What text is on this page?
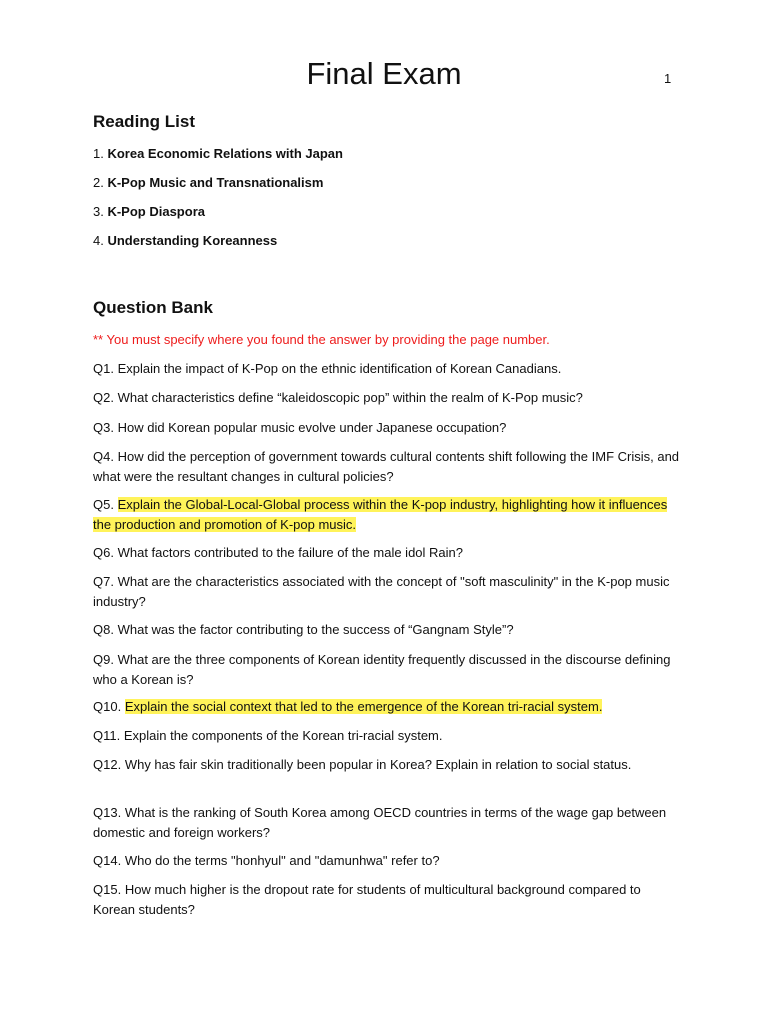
Final Exam	1
Reading List
1. Korea Economic Relations with Japan
2. K-Pop Music and Transnationalism
3. K-Pop Diaspora
4. Understanding Koreanness
Question Bank
** You must specify where you found the answer by providing the page number.
Q1. Explain the impact of K-Pop on the ethnic identification of Korean Canadians.
Q2. What characteristics define “kaleidoscopic pop” within the realm of K-Pop music?
Q3. How did Korean popular music evolve under Japanese occupation?
Q4. How did the perception of government towards cultural contents shift following the IMF Crisis, and what were the resultant changes in cultural policies?
Q5. Explain the Global-Local-Global process within the K-pop industry, highlighting how it influences the production and promotion of K-pop music.
Q6. What factors contributed to the failure of the male idol Rain?
Q7. What are the characteristics associated with the concept of "soft masculinity" in the K-pop music industry?
Q8. What was the factor contributing to the success of “Gangnam Style”?
Q9. What are the three components of Korean identity frequently discussed in the discourse defining who a Korean is?
Q10. Explain the social context that led to the emergence of the Korean tri-racial system.
Q11. Explain the components of the Korean tri-racial system.
Q12. Why has fair skin traditionally been popular in Korea? Explain in relation to social status.
Q13. What is the ranking of South Korea among OECD countries in terms of the wage gap between domestic and foreign workers?
Q14. Who do the terms "honhyul" and "damunhwa" refer to?
Q15. How much higher is the dropout rate for students of multicultural background compared to Korean students?
